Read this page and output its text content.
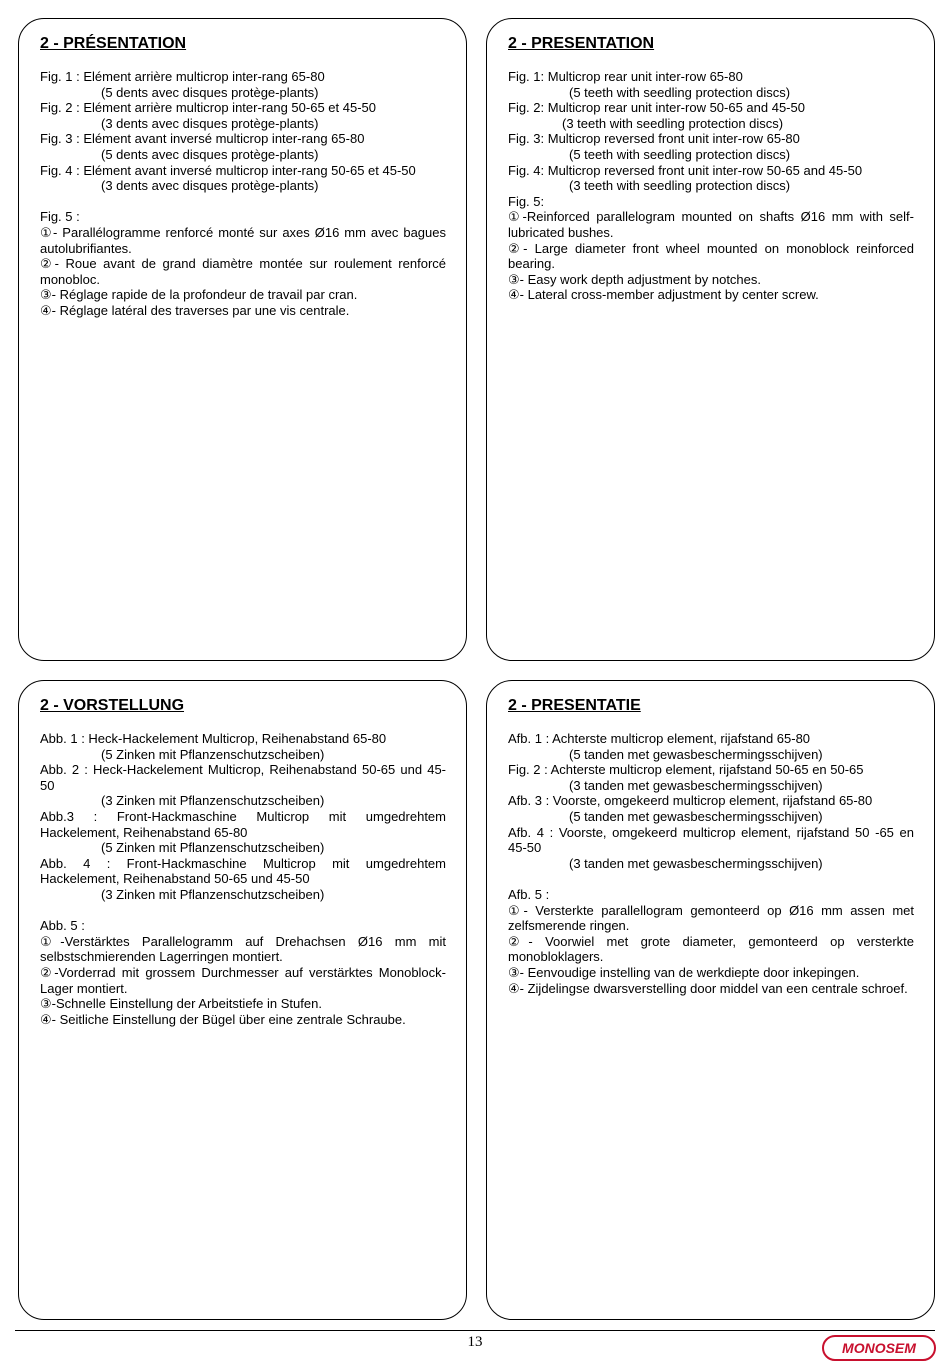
2 - PRÉSENTATION

Fig. 1 : Elément arrière multicrop inter-rang 65-80

(5 dents avec disques protège-plants)

Fig. 2 : Elément arrière multicrop inter-rang 50-65 et 45-50

(3 dents avec disques protège-plants)

Fig. 3 : Elément avant inversé multicrop inter-rang 65-80

(5 dents avec disques protège-plants)

Fig. 4 : Elément avant inversé multicrop inter-rang 50-65 et 45-50

(3 dents avec disques protège-plants)

Fig. 5 :

①- Parallélogramme renforcé monté sur axes Ø16 mm avec bagues autolubrifiantes.

②- Roue avant de grand diamètre montée sur roulement renforcé monobloc.

③- Réglage rapide de la profondeur de travail par cran.

④- Réglage latéral des traverses par une vis centrale.

2 - PRESENTATION

Fig. 1: Multicrop rear unit inter-row 65-80

(5 teeth with seedling protection discs)

Fig. 2: Multicrop rear unit inter-row 50-65 and 45-50

(3 teeth with seedling protection discs)

Fig. 3: Multicrop reversed front unit inter-row 65-80

(5 teeth with seedling protection discs)

Fig. 4: Multicrop reversed front unit inter-row 50-65 and 45-50

(3 teeth with seedling protection discs)

Fig. 5:

①-Reinforced parallelogram mounted on shafts Ø16 mm with self-lubricated bushes.

②- Large diameter front wheel mounted on monoblock reinforced bearing.

③- Easy work depth adjustment by notches.

④- Lateral cross-member adjustment by center screw.

2 - VORSTELLUNG

Abb. 1 : Heck-Hackelement Multicrop, Reihenabstand 65-80

(5 Zinken mit Pflanzenschutzscheiben)

Abb. 2 : Heck-Hackelement Multicrop, Reihenabstand 50-65 und 45-50

(3 Zinken mit Pflanzenschutzscheiben)

Abb.3 : Front-Hackmaschine Multicrop mit umgedrehtem Hackelement, Reihenabstand 65-80

(5 Zinken mit Pflanzenschutzscheiben)

Abb. 4 : Front-Hackmaschine Multicrop mit umgedrehtem Hackelement, Reihenabstand 50-65 und 45-50

(3 Zinken mit Pflanzenschutzscheiben)

Abb. 5 :

①-Verstärktes Parallelogramm auf Drehachsen Ø16 mm mit selbstschmierenden Lagerringen montiert.

②-Vorderrad mit grossem Durchmesser auf verstärktes Monoblock-Lager montiert.

③-Schnelle Einstellung der Arbeitstiefe in Stufen.

④- Seitliche Einstellung der Bügel über eine zentrale Schraube.

2 - PRESENTATIE

Afb. 1 : Achterste multicrop element, rijafstand 65-80

(5 tanden met gewasbeschermingsschijven)

Fig. 2 : Achterste multicrop element, rijafstand 50-65 en 50-65

(3 tanden met gewasbeschermingsschijven)

Afb. 3 : Voorste, omgekeerd multicrop element, rijafstand 65-80

(5 tanden met gewasbeschermingsschijven)

Afb. 4 : Voorste, omgekeerd multicrop element, rijafstand 50 -65 en 45-50

(3 tanden met gewasbeschermingsschijven)

Afb. 5 :

①- Versterkte parallellogram gemonteerd op Ø16 mm assen met zelfsmerende ringen.

②- Voorwiel met grote diameter, gemonteerd op versterkte monobloklagers.

③- Eenvoudige instelling van de werkdiepte door inkepingen.

④- Zijdelingse dwarsverstelling door middel van een centrale schroef.

13	MONOSEM
